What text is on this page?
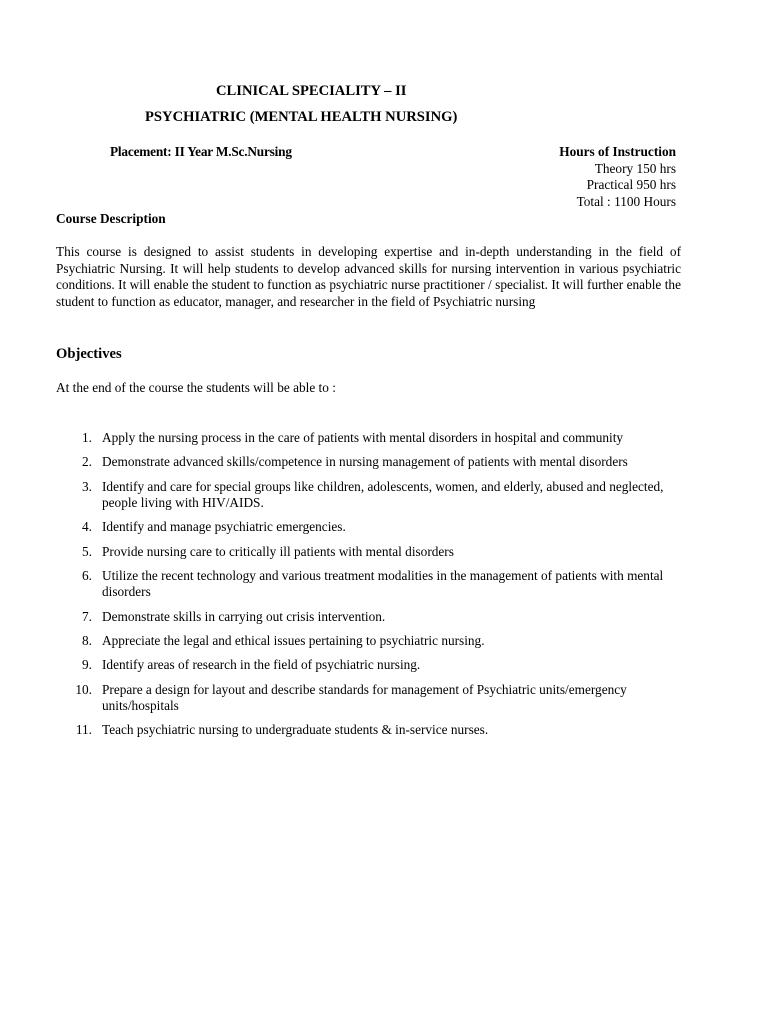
CLINICAL SPECIALITY – II
PSYCHIATRIC (MENTAL HEALTH NURSING)
Placement: II Year M.Sc.Nursing	Hours of Instruction
Theory 150 hrs
Practical 950 hrs
Total : 1100 Hours
Course Description

This course is designed to assist students in developing expertise and in-depth understanding in the field of Psychiatric Nursing. It will help students to develop advanced skills for nursing intervention in various psychiatric conditions. It will enable the student to function as psychiatric nurse practitioner / specialist. It will further enable the student to function as educator, manager, and researcher in the field of Psychiatric nursing

Objectives
At the end of the course the students will be able to :
1. Apply the nursing process in the care of patients with mental disorders in hospital and community
2. Demonstrate advanced skills/competence in nursing management of patients with mental disorders
3. Identify and care for special groups like children, adolescents, women, and elderly, abused and neglected, people living with HIV/AIDS.
4. Identify and manage psychiatric emergencies.
5. Provide nursing care to critically ill patients with mental disorders
6. Utilize the recent technology and various treatment modalities in the management of patients with mental disorders
7. Demonstrate skills in carrying out crisis intervention.
8. Appreciate the legal and ethical issues pertaining to psychiatric nursing.
9. Identify areas of research in the field of psychiatric nursing.
10. Prepare a design for layout and describe standards for management of Psychiatric units/emergency units/hospitals
11. Teach psychiatric nursing to undergraduate students & in-service nurses.
